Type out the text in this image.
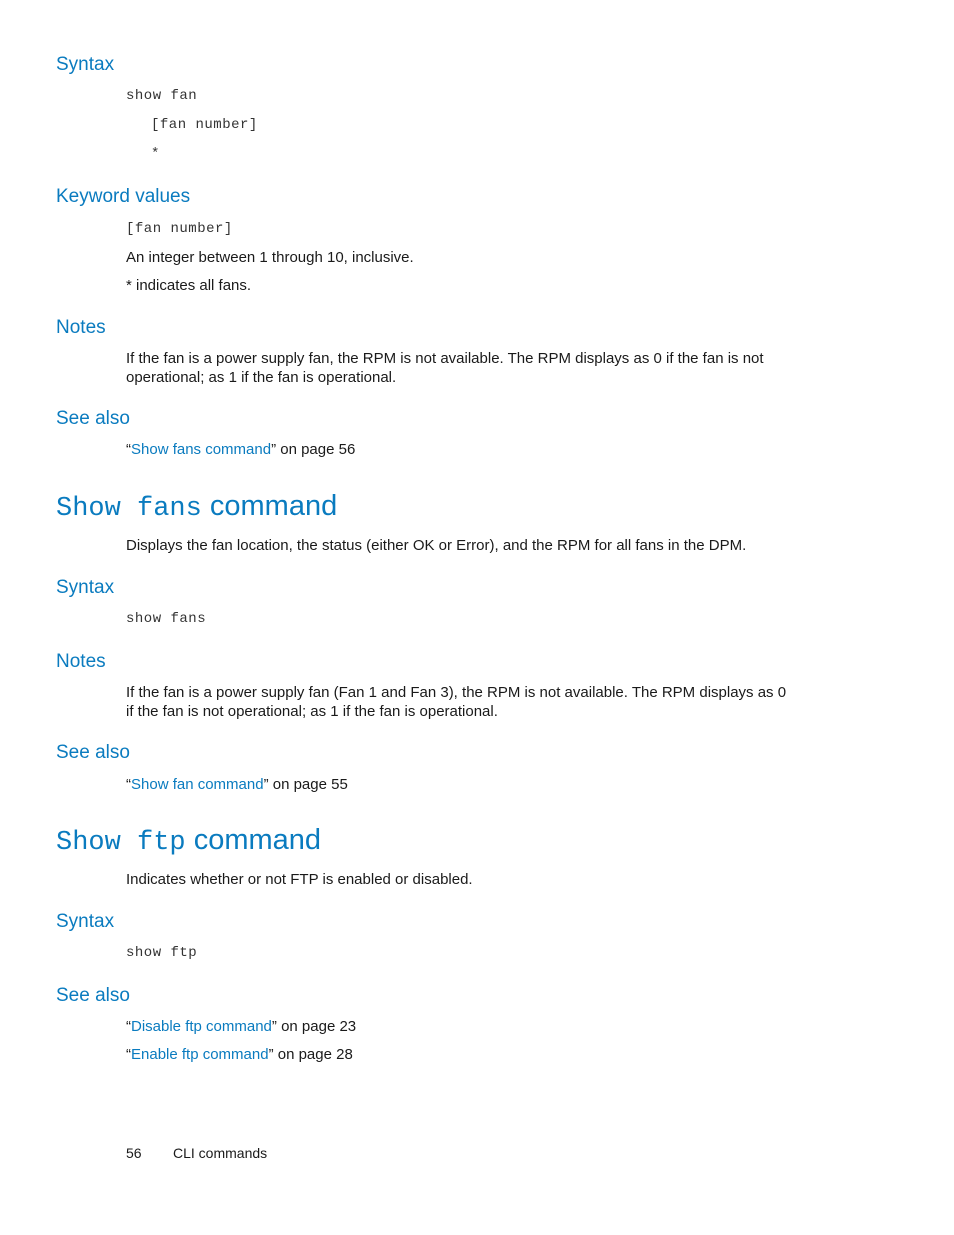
Syntax
show fan
[fan number]
*
Keyword values
[fan number]
An integer between 1 through 10, inclusive.
* indicates all fans.
Notes
If the fan is a power supply fan, the RPM is not available. The RPM displays as 0 if the fan is not
operational; as 1 if the fan is operational.
See also
“Show fans command” on page 56
Show fans command
Displays the fan location, the status (either OK or Error), and the RPM for all fans in the DPM.
Syntax
show fans
Notes
If the fan is a power supply fan (Fan 1 and Fan 3), the RPM is not available. The RPM displays as 0
if the fan is not operational; as 1 if the fan is operational.
See also
“Show fan command” on page 55
Show ftp command
Indicates whether or not FTP is enabled or disabled.
Syntax
show ftp
See also
“Disable ftp command” on page 23
“Enable ftp command” on page 28
56 CLI commands
